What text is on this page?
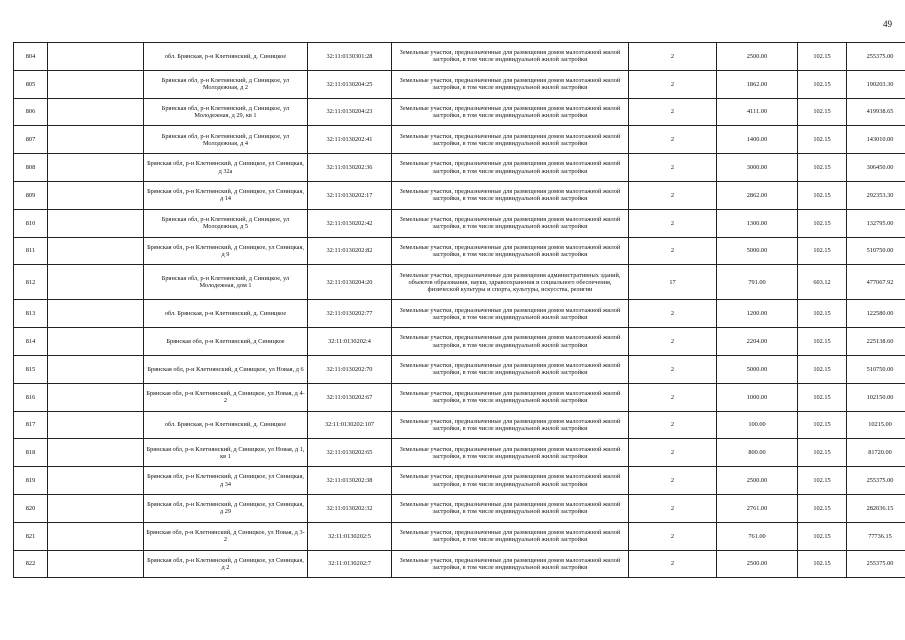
49
804		обл. Брянская, р-н Клетнянский, д. Синицкое	32:11:0130301:28	Земельные участки, предназначенные для размещения домов малоэтажной жилой застройки, в том числе индивидуальной жилой застройки	2	2500.00	102.15	255375.00
805		Брянская обл, р-н Клетнянский, д Синицкое, ул Молодежная, д 2	32:11:0130204:25	Земельные участки, предназначенные для размещения домов малоэтажной жилой застройки, в том числе индивидуальной жилой застройки	2	1862.00	102.15	190203.30
806		Брянская обл, р-н Клетнянский, д Синицкое, ул Молодежная, д 29, кв 1	32:11:0130204:23	Земельные участки, предназначенные для размещения домов малоэтажной жилой застройки, в том числе индивидуальной жилой застройки	2	4111.00	102.15	419938.65
807		Брянская обл, р-н Клетнянский, д Синицкое, ул Молодежная, д 4	32:11:0130202:41	Земельные участки, предназначенные для размещения домов малоэтажной жилой застройки, в том числе индивидуальной жилой застройки	2	1400.00	102.15	143010.00
808		Брянская обл, р-н Клетнянский, д Синицкое, ул Синицкая, д 32а	32:11:0130202:36	Земельные участки, предназначенные для размещения домов малоэтажной жилой застройки, в том числе индивидуальной жилой застройки	2	3000.00	102.15	306450.00
809		Брянская обл, р-н Клетнянский, д Синицкое, ул Синицкая, д 14	32:11:0130202:17	Земельные участки, предназначенные для размещения домов малоэтажной жилой застройки, в том числе индивидуальной жилой застройки	2	2862.00	102.15	292353.30
810		Брянская обл, р-н Клетнянский, д Синицкое, ул Молодежная, д 5	32:11:0130202:42	Земельные участки, предназначенные для размещения домов малоэтажной жилой застройки, в том числе индивидуальной жилой застройки	2	1300.00	102.15	132795.00
811		Брянская обл, р-н Клетнянский, д Синицкое, ул Синицкая, д 9	32:11:0130202:82	Земельные участки, предназначенные для размещения домов малоэтажной жилой застройки, в том числе индивидуальной жилой застройки	2	5000.00	102.15	510750.00
812		Брянская обл, р-н Клетнянский, д Синицкое, ул Молодежная, дом 1	32:11:0130204:20	Земельные участки, предназначенные для размещения административных зданий, объектов образования, науки, здравоохранения и социального обеспечения, физической культуры и спорта, культуры, искусства, религии	17	791.00	603.12	477067.92
813		обл. Брянская, р-н Клетнянский, д. Синицкое	32:11:0130202:77	Земельные участки, предназначенные для размещения домов малоэтажной жилой застройки, в том числе индивидуальной жилой застройки	2	1200.00	102.15	122580.00
814		Брянская обл, р-н Клетнянский, д Синицкое	32:11:0130202:4	Земельные участки, предназначенные для размещения домов малоэтажной жилой застройки, в том числе индивидуальной жилой застройки	2	2204.00	102.15	225138.60
815		Брянская обл, р-н Клетнянский, д Синицкое, ул Новая, д 6	32:11:0130202:70	Земельные участки, предназначенные для размещения домов малоэтажной жилой застройки, в том числе индивидуальной жилой застройки	2	5000.00	102.15	510750.00
816		Брянская обл, р-н Клетнянский, д Синицкое, ул Новая, д 4-2	32:11:0130202:67	Земельные участки, предназначенные для размещения домов малоэтажной жилой застройки, в том числе индивидуальной жилой застройки	2	1000.00	102.15	102150.00
817		обл. Брянская, р-н Клетнянский, д. Синицкое	32:11:0130202:107	Земельные участки, предназначенные для размещения домов малоэтажной жилой застройки, в том числе индивидуальной жилой застройки	2	100.00	102.15	10215.00
818		Брянская обл, р-н Клетнянский, д Синицкое, ул Новая, д 1, кв 1	32:11:0130202:65	Земельные участки, предназначенные для размещения домов малоэтажной жилой застройки, в том числе индивидуальной жилой застройки	2	800.00	102.15	81720.00
819		Брянская обл, р-н Клетнянский, д Синицкое, ул Синицкая, д 34	32:11:0130202:38	Земельные участки, предназначенные для размещения домов малоэтажной жилой застройки, в том числе индивидуальной жилой застройки	2	2500.00	102.15	255375.00
820		Брянская обл, р-н Клетнянский, д Синицкое, ул Синицкая, д 29	32:11:0130202:32	Земельные участки, предназначенные для размещения домов малоэтажной жилой застройки, в том числе индивидуальной жилой застройки	2	2761.00	102.15	282036.15
821		Брянская обл, р-н Клетнянский, д Синицкое, ул Новая, д 3-2	32:11:0130202:5	Земельные участки, предназначенные для размещения домов малоэтажной жилой застройки, в том числе индивидуальной жилой застройки	2	761.00	102.15	77736.15
822		Брянская обл, р-н Клетнянский, д Синицкое, ул Синицкая, д 2	32:11:0130202:7	Земельные участки, предназначенные для размещения домов малоэтажной жилой застройки, в том числе индивидуальной жилой застройки	2	2500.00	102.15	255375.00
